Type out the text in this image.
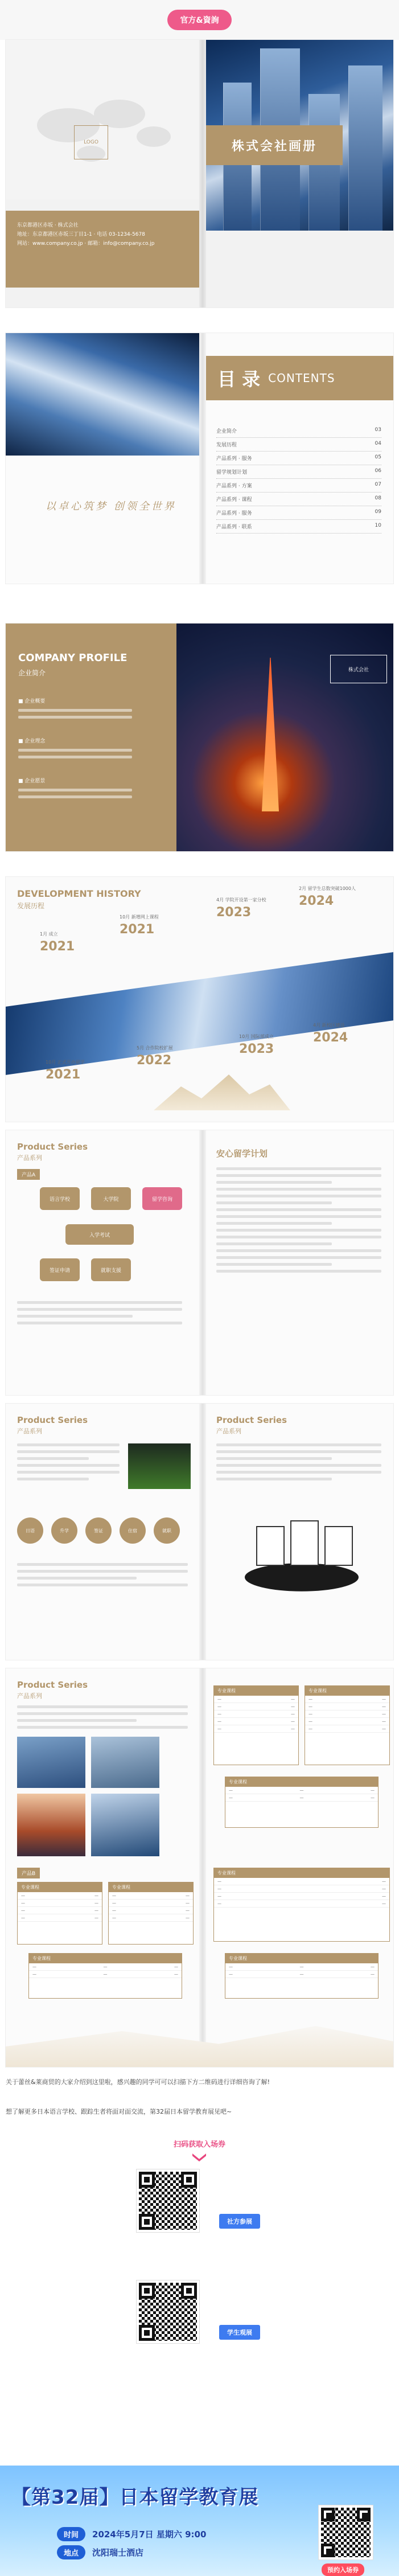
官方&資詢
LOGO
东京都港区赤坂 · 株式会社
地址：东京都港区赤坂三丁目1-1 · 电话 03-1234-5678
网站：www.company.co.jp · 邮箱：info@company.co.jp
株式会社画册
以卓心筑梦 创领全世界
目 录 CONTENTS
企业简介	03
发展历程	04
产品系列 · 服务	05
留学规划计划	06
产品系列 · 方案	07
产品系列 · 课程	08
产品系列 · 服务	09
产品系列 · 联系	10
COMPANY PROFILE
企业简介
■ 企业概要
■ 企业理念
■ 企业愿景
株式会社
DEVELOPMENT HISTORY
发展历程
2021
1月 成立	2021
10月 新增网上课程	2023
4月 学院开设第一家分校	2024
2月 留学生总数突破1000人
2021
10月 正式开办留学	2022
5月 合作院校扩展	2023
10月 国际部成立	2024
4月 新校区建设
Product Series
产品系列
产品A
语言学校	大学院	留学咨询
入学考试
签证申请	就职支援
安心留学计划
Product Series
产品系列
日语	升学	签证	住宿	就职
Product Series
产品系列
Product Series
产品系列
产品B
专业课程
—	—
—	—
—	—
—	—
专业课程
—	—
—	—
—	—
—	—
专业课程
—	—	—
—	—	—
专业课程
—	—
—	—
—	—
—	—
—	—
专业课程
—	—
—	—
—	—
—	—
—	—
专业课程
—	—	—
—	—	—
专业课程
—	—
—	—
—	—
—	—
专业课程
—	—	—
—	—	—
关于蕾丝&莱商贸的大家介绍到这里啦，感兴趣的同学可可以扫描下方二维码进行详细咨询了解!
想了解更多日本语言学校、跟踪生者将面对面交流，第32届日本留学教育展见吧~
扫码获取入场券
社方参展
学生观展
【第32届】日本留学教育展
时间	2024年5月7日 星期六 9:00
地点	沈阳瑞士酒店
预约入场券
